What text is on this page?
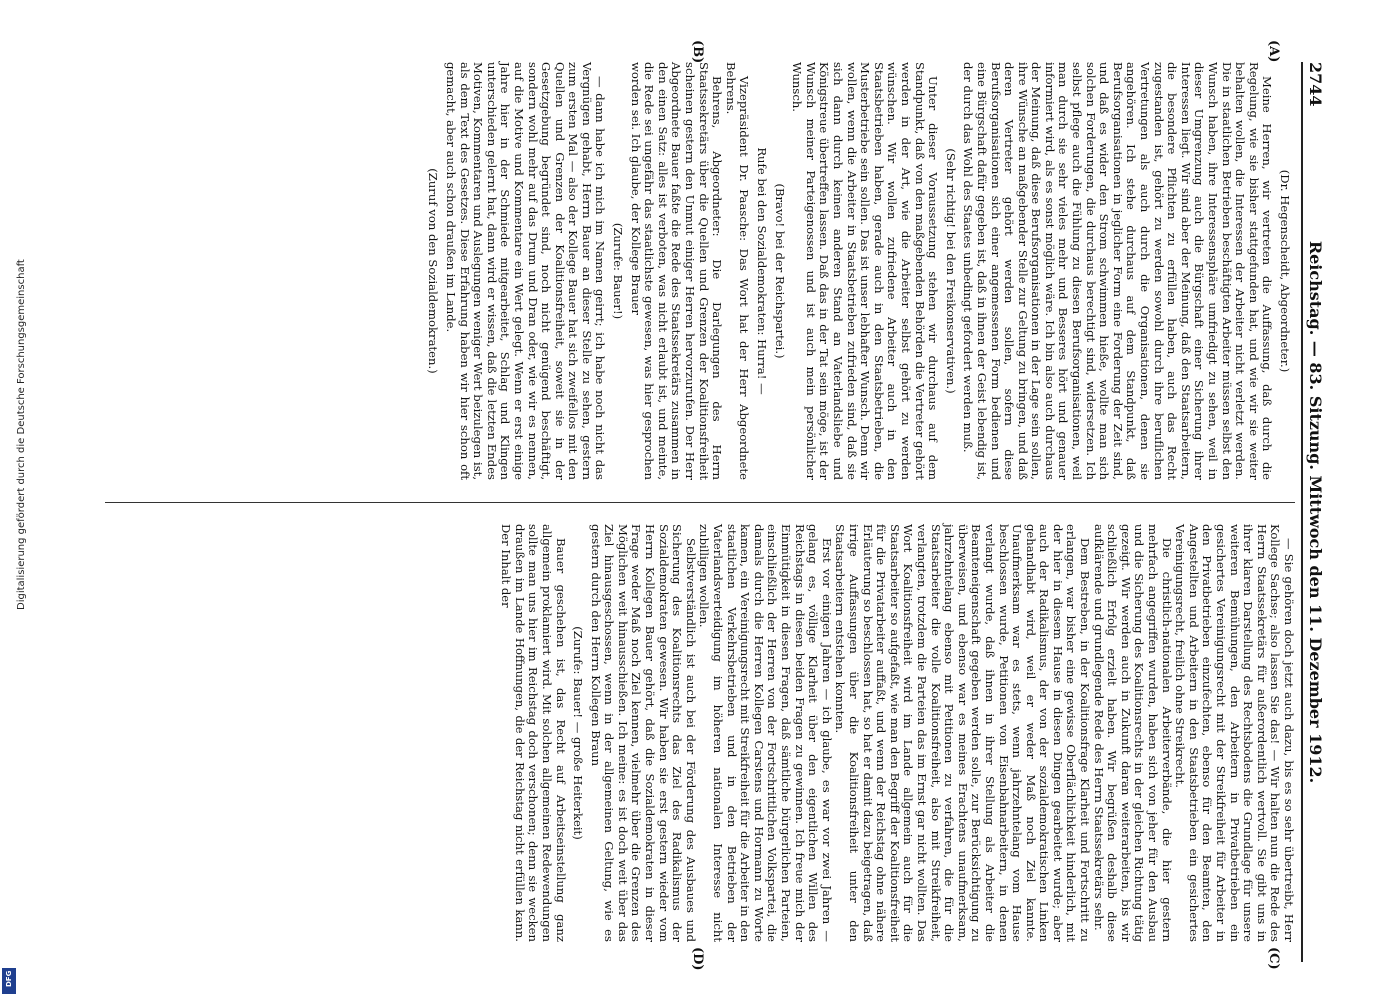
Digitalisierung gefördert durch die Deutsche Forschungsgemeinschaft
DFG
2744
Reichstag. — 83. Sitzung. Mittwoch den 11. Dezember 1912.

(Dr. Hegenscheidt, Abgeordneter.)

Meine Herren, wir vertreten die Auffassung, daß durch die Regelung, wie sie bisher stattgefunden hat, und wie wir sie weiter behalten wollen, die Interessen der Arbeiter nicht verletzt werden. Die in staatlichen Betrieben beschäftigten Arbeiter müssen selbst den Wunsch haben, ihre Interessensphäre umfriedigt zu sehen, weil in dieser Umgrenzung auch die Bürgschaft einer Sicherung ihrer Interessen liegt. Wir sind aber der Meinung, daß den Staatsarbeitern, die besondere Pflichten zu erfüllen haben, auch das Recht zugestanden ist, gehört zu werden sowohl durch ihre beruflichen Vertretungen als auch durch die Organisationen, denen sie angehören. Ich stehe durchaus auf dem Standpunkt, daß Berufsorganisationen in jeglicher Form eine Forderung der Zeit sind, und daß es wider den Strom schwimmen hieße, wollte man sich solchen Forderungen, die durchaus berechtigt sind, widersetzen. Ich selbst pflege auch die Fühlung zu diesen Berufsorganisationen, weil man durch sie sehr vieles mehr und Besseres hört und genauer informiert wird, als es sonst möglich wäre. Ich bin also auch durchaus der Meinung, daß diese Berufsorganisationen in der Lage sein sollen, ihre Wünsche an maßgebender Stelle zur Geltung zu bringen, und daß deren Vertreter gehört werden sollen, sofern diese Berufsorganisationen sich einer angemessenen Form bedienen und eine Bürgschaft dafür gegeben ist, daß in ihnen der Geist lebendig ist, der durch das Wohl des Staates unbedingt gefordert werden muß.

(Sehr richtig! bei den Freikonservativen.)

Unter dieser Voraussetzung stehen wir durchaus auf dem Standpunkt, daß von den maßgebenden Behörden die Vertreter gehört werden in der Art, wie die Arbeiter selbst gehört zu werden wünschen. Wir wollen zufriedene Arbeiter auch in den Staatsbetrieben haben, gerade auch in den Staatsbetrieben, die Musterbetriebe sein sollen. Das ist unser lebhafter Wunsch. Denn wir wollen, wenn die Arbeiter in Staatsbetrieben zufrieden sind, daß sie sich dann durch keinen anderen Stand an Vaterlandsliebe und Königstreue übertreffen lassen. Daß das in der Tat sein möge, ist der Wunsch meiner Parteigenossen und ist auch mein persönlicher Wunsch.

(Bravo! bei der Reichspartei.)

Rufe bei den Sozialdemokraten: Hurra! —

Vizepräsident Dr. Paasche: Das Wort hat der Herr Abgeordnete Behrens.

Behrens, Abgeordneter: Die Darlegungen des Herrn Staatssekretärs über die Quellen und Grenzen der Koalitionsfreiheit scheinen gestern den Unmut einiger Herren hervorzurufen. Der Herr Abgeordnete Bauer faßte die Rede des Staatssekretärs zusammen in den einen Satz: alles ist verboten, was nicht erlaubt ist, und meinte, die Rede sei ungefähr das staatlichste gewesen, was hier gesprochen worden sei. Ich glaube, der Kollege Brauer

(Zurufe: Bauer!)

— dann habe ich mich im Namen geirrt; ich habe noch nicht das Vergnügen gehabt, Herrn Bauer an dieser Stelle zu sehen, gestern zum ersten Mal — also der Kollege Bauer hat sich zweifellos mit den Quellen und Grenzen der Koalitionsfreiheit, soweit sie in der Gesetzgebung begründet sind, noch nicht genügend beschäftigt, sondern wohl mehr auf das Drum und Dran oder, wie wir es nennen, auf die Motive und Kommentare ein Wert gelegt. Wenn er erst einige Jahre hier in der Schmiede mitgearbeitet, Schlag und Klingen unterschieden gelernt hat, dann wird er wissen, daß die letzten Endes Motiven, Kommentaren und Auslegungen weniger Wert beizulegen ist, als dem Text des Gesetzes. Diese Erfahrung haben wir hier schon oft gemacht, aber auch schon draußen im Lande.

(Zuruf von den Sozialdemokraten.)

— Sie gehören doch jetzt auch dazu, bis es so sehr übertreibt, Herr Kollege Sachse; also lassen Sie das! — Wir halten nun die Rede des Herrn Staatssekretärs für außerordentlich wertvoll. Sie gibt uns in ihrer klaren Darstellung des Rechtsbodens die Grundlage für unsere weiteren Bemühungen, den Arbeitern in Privatbetrieben ein gesichertes Vereinigungsrecht mit der Streikfreiheit für Arbeiter in den Privatbetrieben einzufechten, ebenso für den Beamten, den Angestellten und Arbeitern in den Staatsbetrieben ein gesichertes Vereinigungsrecht, freilich ohne Streikrecht.

Die christlich-nationalen Arbeiterverbände, die hier gestern mehrfach angegriffen wurden, haben sich von jeher für den Ausbau und die Sicherung des Koalitionsrechts in der gleichen Richtung tätig gezeigt. Wir werden auch in Zukunft daran weiterarbeiten, bis wir schließlich Erfolg erzielt haben. Wir begrüßen deshalb diese aufklärende und grundlegende Rede des Herrn Staatssekretärs sehr.

Dem Bestreben, in der Koalitionsfrage Klarheit und Fortschritt zu erlangen, war bisher eine gewisse Oberflächlichkeit hinderlich, mit der hier in diesem Hause in diesen Dingen gearbeitet wurde; aber auch der Radikalismus, der von der sozialdemokratischen Linken gehandhabt wird, weil er weder Maß noch Ziel kannte. Unaufmerksam war es stets, wenn jahrzehntelang vom Hause beschlossen wurde, Petitionen von Eisenbahnarbeitern, in denen verlangt wurde, daß ihnen in ihrer Stellung als Arbeiter die Beamteneigenschaft gegeben werden solle, zur Berücksichtigung zu überweisen, und ebenso war es meines Erachtens unaufmerksam, jahrzehntelang ebenso mit Petitionen zu verfahren, die für die Staatsarbeiter die volle Koalitionsfreiheit, also mit Streikfreiheit, verlangten, trotzdem die Parteien das im Ernst gar nicht wollten. Das Wort Koalitionsfreiheit wird im Lande allgemein auch für die Staatsarbeiter so aufgefaßt, wie man den Begriff der Koalitionsfreiheit für die Privatarbeiter auffaßt, und wenn der Reichstag ohne nähere Erläuterung so beschlossen hat, so hat er damit dazu beigetragen, daß irrige Auffassungen über die Koalitionsfreiheit unter den Staatsarbeitern entstehen konnten.

Erst vor einigen Jahren — ich glaube, es war vor zwei Jahren — gelang es, völlige Klarheit über den eigentlichen Willen des Reichstags in diesen beiden Fragen zu gewinnen. Ich freue mich der Einmütigkeit in diesen Fragen, daß sämtliche bürgerlichen Parteien, einschließlich der Herren von der Fortschrittlichen Volkspartei, die damals durch die Herren Kollegen Carstens und Hormann zu Worte kamen, ein Vereinigungsrecht mit Streikfreiheit für die Arbeiter in den staatlichen Verkehrsbetrieben und in den Betrieben der Vaterlandsverteidigung im höheren nationalen Interesse nicht zubilligen wollen.

Selbstverständlich ist auch bei der Förderung des Ausbaues und Sicherung des Koalitionsrechts das Ziel des Radikalismus der Sozialdemokraten gewesen. Wir haben sie erst gestern wieder vom Herrn Kollegen Bauer gehört, daß die Sozialdemokraten in dieser Frage weder Maß noch Ziel kennen, vielmehr über die Grenzen des Möglichen weit hinausschießen. Ich meine: es ist doch weit über das Ziel hinausgeschossen, wenn in der allgemeinen Geltung, wie es gestern durch den Herrn Kollegen Braun

(Zurufe: Bauer! — große Heiterkeit)

Bauer geschehen ist, das Recht auf Arbeitseinstellung ganz allgemein proklamiert wird. Mit solchen allgemeinen Redewendungen sollte man uns hier im Reichstag doch verschonen; denn sie wecken draußen im Lande Hoffnungen, die der Reichstag nicht erfüllen kann. Der Inhalt der

(A)
(B)
(C)
(D)
